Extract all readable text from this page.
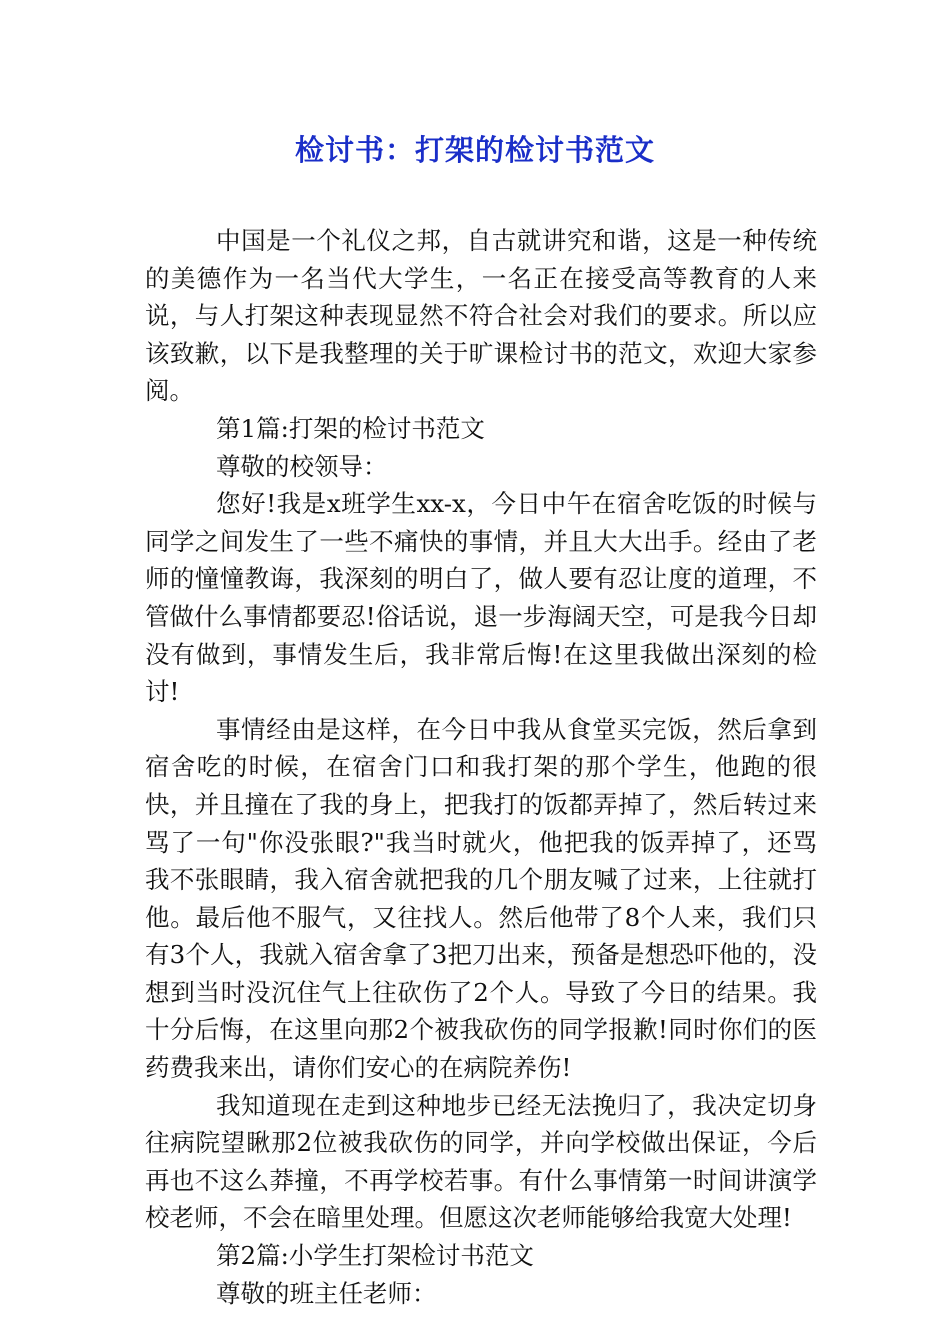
检讨书：打架的检讨书范文

中国是一个礼仪之邦，自古就讲究和谐，这是一种传统的美德作为一名当代大学生，一名正在接受高等教育的人来说，与人打架这种表现显然不符合社会对我们的要求。所以应该致歉，以下是我整理的关于旷课检讨书的范文，欢迎大家参阅。

第1篇:打架的检讨书范文

尊敬的校领导：

您好!我是x班学生xx-x，今日中午在宿舍吃饭的时候与同学之间发生了一些不痛快的事情，并且大大出手。经由了老师的憧憧教诲，我深刻的明白了，做人要有忍让度的道理，不管做什么事情都要忍!俗话说，退一步海阔天空，可是我今日却没有做到，事情发生后，我非常后悔!在这里我做出深刻的检讨!

事情经由是这样，在今日中我从食堂买完饭，然后拿到宿舍吃的时候，在宿舍门口和我打架的那个学生，他跑的很快，并且撞在了我的身上，把我打的饭都弄掉了，然后转过来骂了一句"你没张眼?"我当时就火，他把我的饭弄掉了，还骂我不张眼睛，我入宿舍就把我的几个朋友喊了过来，上往就打他。最后他不服气，又往找人。然后他带了8个人来，我们只有3个人，我就入宿舍拿了3把刀出来，预备是想恐吓他的，没想到当时没沉住气上往砍伤了2个人。导致了今日的结果。我十分后悔，在这里向那2个被我砍伤的同学报歉!同时你们的医药费我来出，请你们安心的在病院养伤!

我知道现在走到这种地步已经无法挽归了，我决定切身往病院望瞅那2位被我砍伤的同学，并向学校做出保证，今后再也不这么莽撞，不再学校若事。有什么事情第一时间讲演学校老师，不会在暗里处理。但愿这次老师能够给我宽大处理!

第2篇:小学生打架检讨书范文

尊敬的班主任老师：
